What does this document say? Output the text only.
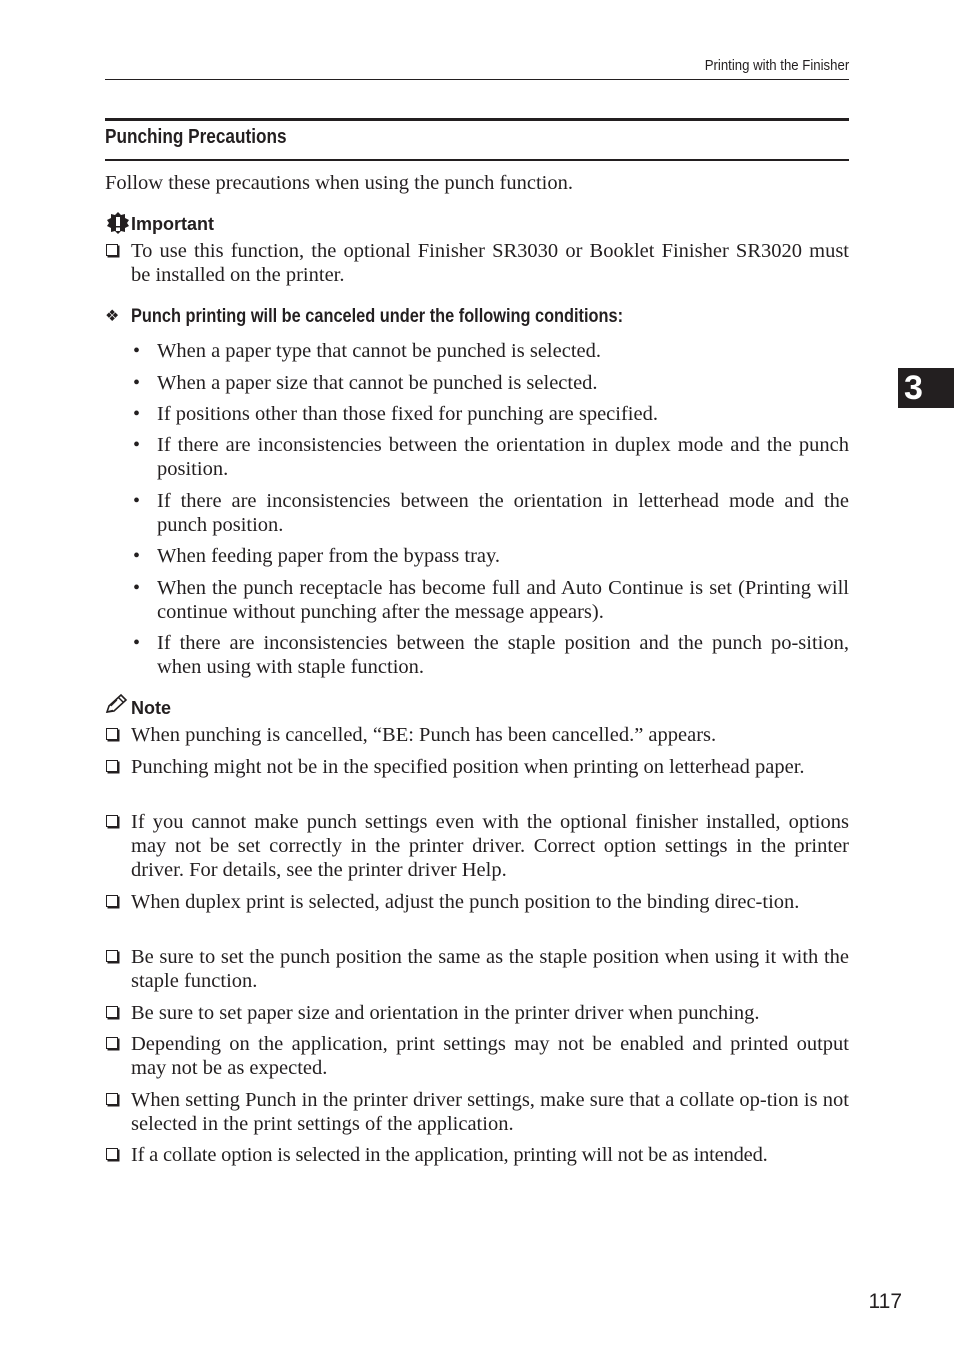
Printing with the Finisher
Punching Precautions
Follow these precautions when using the punch function.
Important
To use this function, the optional Finisher SR3030 or Booklet Finisher SR3020 must be installed on the printer.
❖ Punch printing will be canceled under the following conditions:
• When a paper type that cannot be punched is selected.
• When a paper size that cannot be punched is selected.
• If positions other than those fixed for punching are specified.
• If there are inconsistencies between the orientation in duplex mode and the punch position.
• If there are inconsistencies between the orientation in letterhead mode and the punch position.
• When feeding paper from the bypass tray.
• When the punch receptacle has become full and Auto Continue is set (Printing will continue without punching after the message appears).
• If there are inconsistencies between the staple position and the punch po-sition, when using with staple function.
Note
When punching is cancelled, “BE: Punch has been cancelled.” appears.
Punching might not be in the specified position when printing on letterhead paper.
If you cannot make punch settings even with the optional finisher installed, options may not be set correctly in the printer driver. Correct option settings in the printer driver. For details, see the printer driver Help.
When duplex print is selected, adjust the punch position to the binding direc-tion.
Be sure to set the punch position the same as the staple position when using it with the staple function.
Be sure to set paper size and orientation in the printer driver when punching.
Depending on the application, print settings may not be enabled and printed output may not be as expected.
When setting Punch in the printer driver settings, make sure that a collate op-tion is not selected in the print settings of the application.
If a collate option is selected in the application, printing will not be as intended.
3
117
